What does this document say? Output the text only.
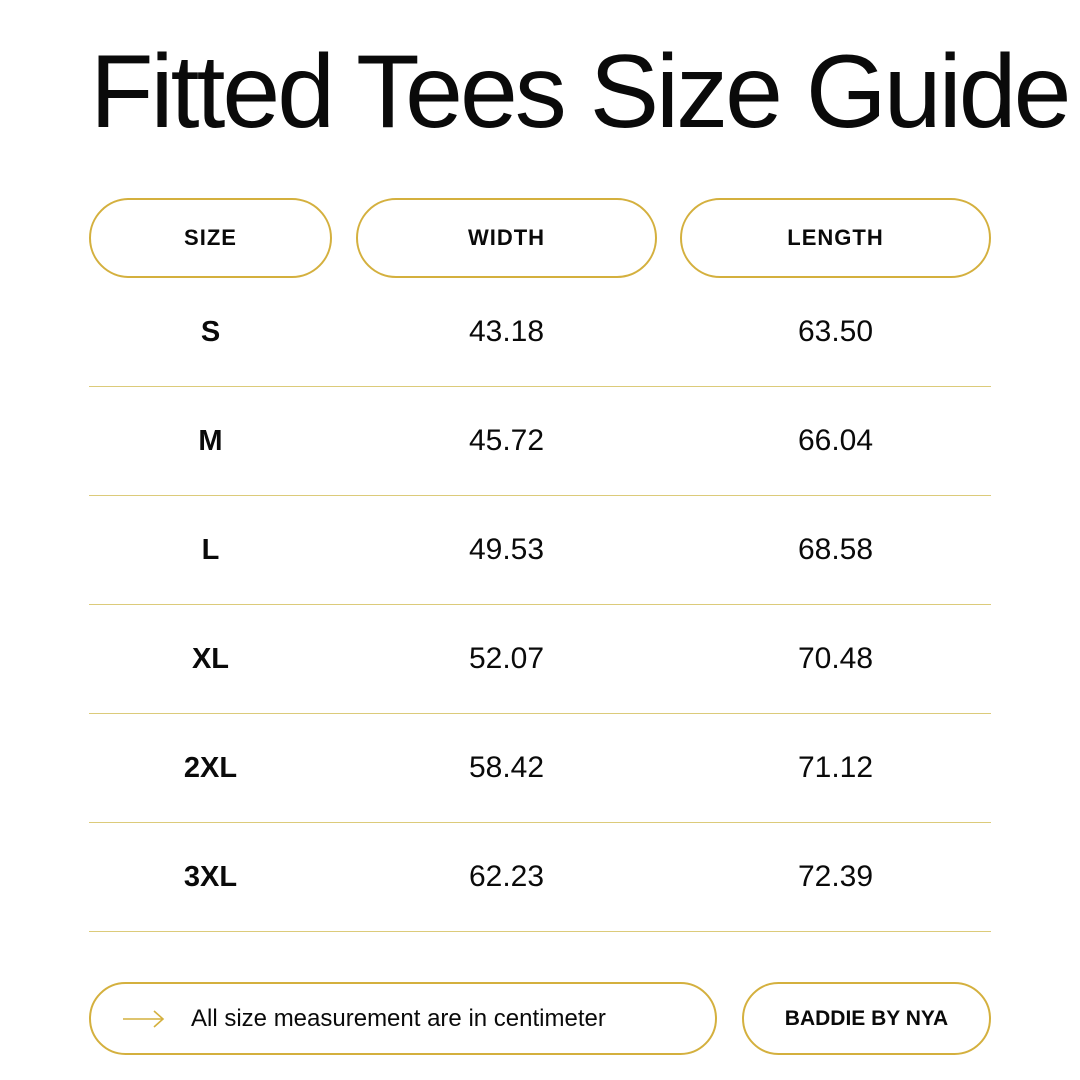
Fitted Tees Size Guide
SIZE	WIDTH	LENGTH
S	43.18	63.50
M	45.72	66.04
L	49.53	68.58
XL	52.07	70.48
2XL	58.42	71.12
3XL	62.23	72.39
All size measurement are in centimeter	BADDIE BY NYA
